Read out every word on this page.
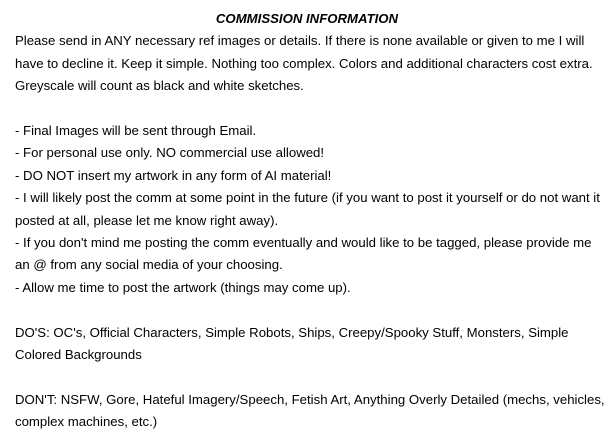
COMMISSION INFORMATION

Please send in ANY necessary ref images or details. If there is none available or given to me I will have to decline it. Keep it simple. Nothing too complex. Colors and additional characters cost extra. Greyscale will count as black and white sketches.

- Final Images will be sent through Email.
- For personal use only. NO commercial use allowed!
- DO NOT insert my artwork in any form of AI material!
- I will likely post the comm at some point in the future (if you want to post it yourself or do not want it posted at all, please let me know right away).
- If you don't mind me posting the comm eventually and would like to be tagged, please provide me an @ from any social media of your choosing.
- Allow me time to post the artwork (things may come up).

DO'S: OC's, Official Characters, Simple Robots, Ships, Creepy/Spooky Stuff, Monsters, Simple Colored Backgrounds

DON'T: NSFW, Gore, Hateful Imagery/Speech, Fetish Art, Anything Overly Detailed (mechs, vehicles, complex machines, etc.)
